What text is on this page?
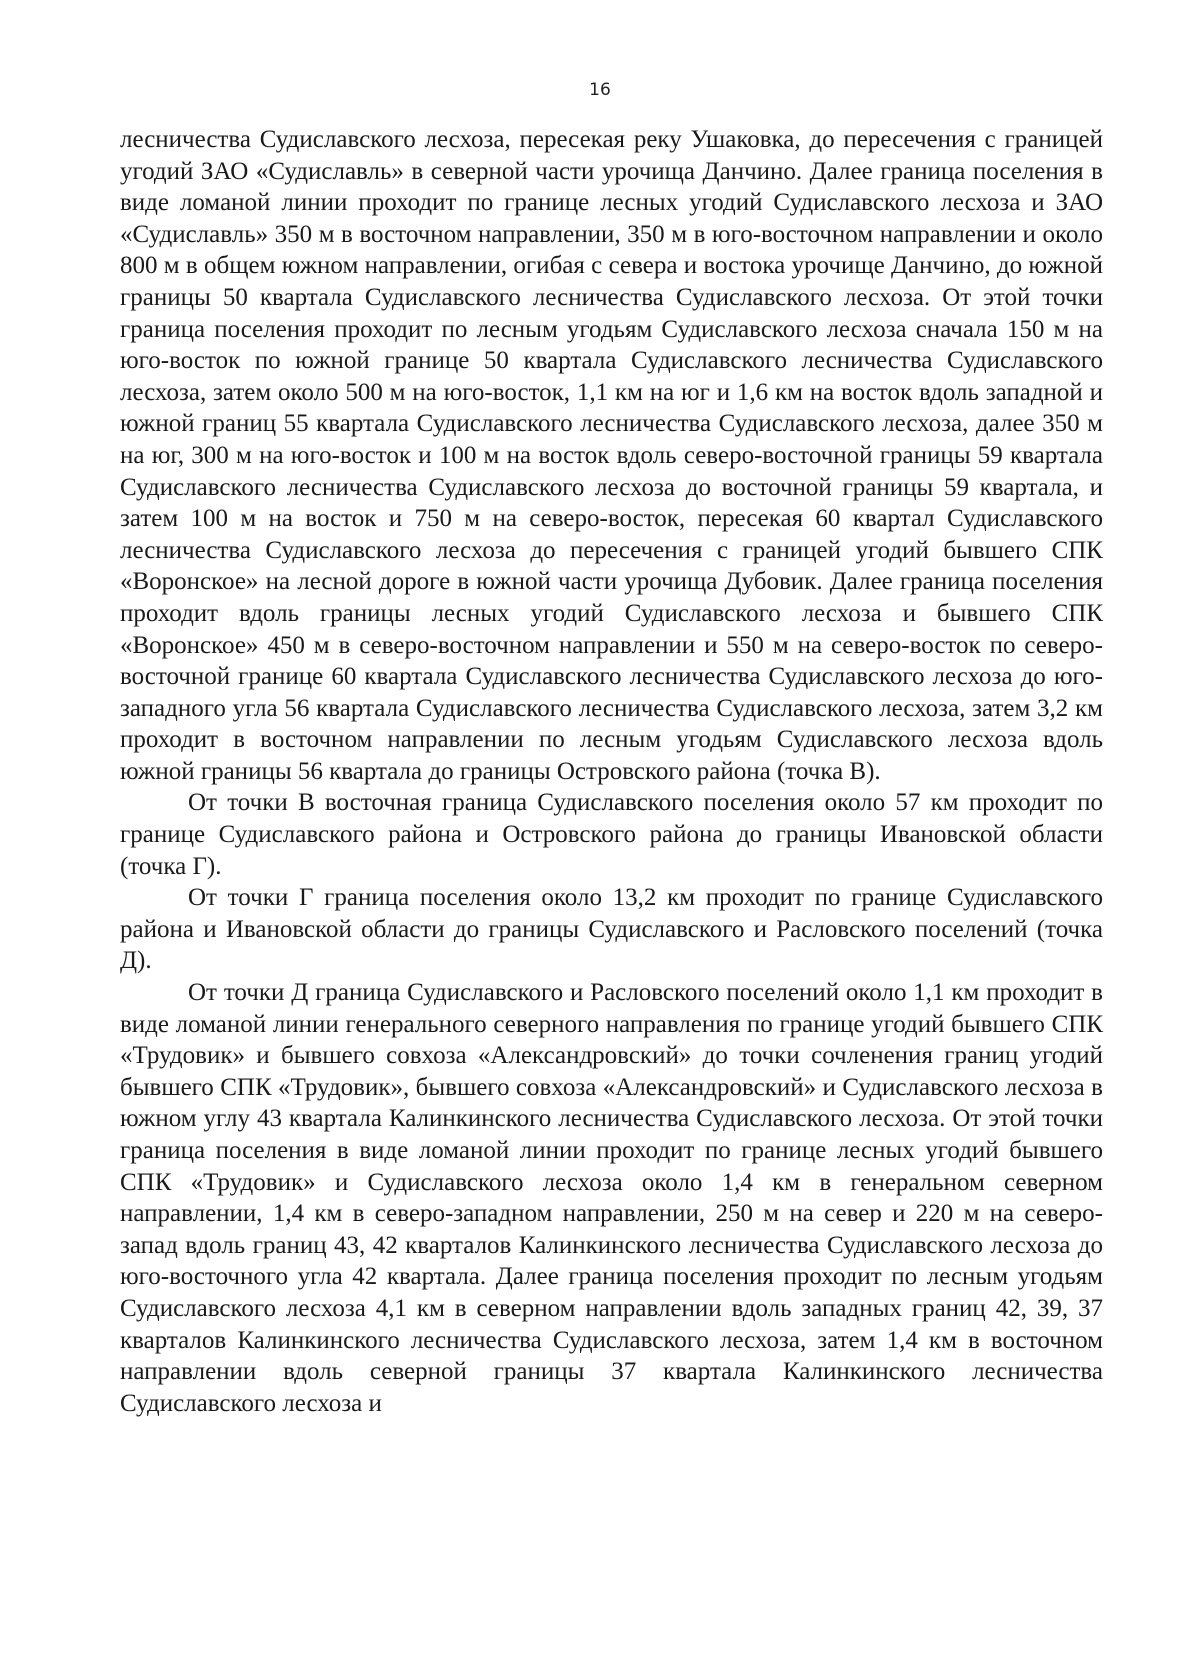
16

лесничества Судиславского лесхоза, пересекая реку Ушаковка, до пересечения с границей угодий ЗАО «Судиславль» в северной части урочища Данчино. Далее граница поселения в виде ломаной линии проходит по границе лесных угодий Судиславского лесхоза и ЗАО «Судиславль» 350 м в восточном направлении, 350 м в юго-восточном направлении и около 800 м в общем южном направлении, огибая с севера и востока урочище Данчино, до южной границы 50 квартала Судиславского лесничества Судиславского лесхоза. От этой точки граница поселения проходит по лесным угодьям Судиславского лесхоза сначала 150 м на юго-восток по южной границе 50 квартала Судиславского лесничества Судиславского лесхоза, затем около 500 м на юго-восток, 1,1 км на юг и 1,6 км на восток вдоль западной и южной границ 55 квартала Судиславского лесничества Судиславского лесхоза, далее 350 м на юг, 300 м на юго-восток и 100 м на восток вдоль северо-восточной границы 59 квартала Судиславского лесничества Судиславского лесхоза до восточной границы 59 квартала, и затем 100 м на восток и 750 м на северо-восток, пересекая 60 квартал Судиславского лесничества Судиславского лесхоза до пересечения с границей угодий бывшего СПК «Воронское» на лесной дороге в южной части урочища Дубовик. Далее граница поселения проходит вдоль границы лесных угодий Судиславского лесхоза и бывшего СПК «Воронское» 450 м в северо-восточном направлении и 550 м на северо-восток по северо-восточной границе 60 квартала Судиславского лесничества Судиславского лесхоза до юго-западного угла 56 квартала Судиславского лесничества Судиславского лесхоза, затем 3,2 км проходит в восточном направлении по лесным угодьям Судиславского лесхоза вдоль южной границы 56 квартала до границы Островского района (точка В).

От точки В восточная граница Судиславского поселения около 57 км проходит по границе Судиславского района и Островского района до границы Ивановской области (точка Г).

От точки Г граница поселения около 13,2 км проходит по границе Судиславского района и Ивановской области до границы Судиславского и Расловского поселений (точка Д).

От точки Д граница Судиславского и Расловского поселений около 1,1 км проходит в виде ломаной линии генерального северного направления по границе угодий бывшего СПК «Трудовик» и бывшего совхоза «Александровский» до точки сочленения границ угодий бывшего СПК «Трудовик», бывшего совхоза «Александровский» и Судиславского лесхоза в южном углу 43 квартала Калинкинского лесничества Судиславского лесхоза. От этой точки граница поселения в виде ломаной линии проходит по границе лесных угодий бывшего СПК «Трудовик» и Судиславского лесхоза около 1,4 км в генеральном северном направлении, 1,4 км в северо-западном направлении, 250 м на север и 220 м на северо-запад вдоль границ 43, 42 кварталов Калинкинского лесничества Судиславского лесхоза до юго-восточного угла 42 квартала. Далее граница поселения проходит по лесным угодьям Судиславского лесхоза 4,1 км в северном направлении вдоль западных границ 42, 39, 37 кварталов Калинкинского лесничества Судиславского лесхоза, затем 1,4 км в восточном направлении вдоль северной границы 37 квартала Калинкинского лесничества Судиславского лесхоза и
